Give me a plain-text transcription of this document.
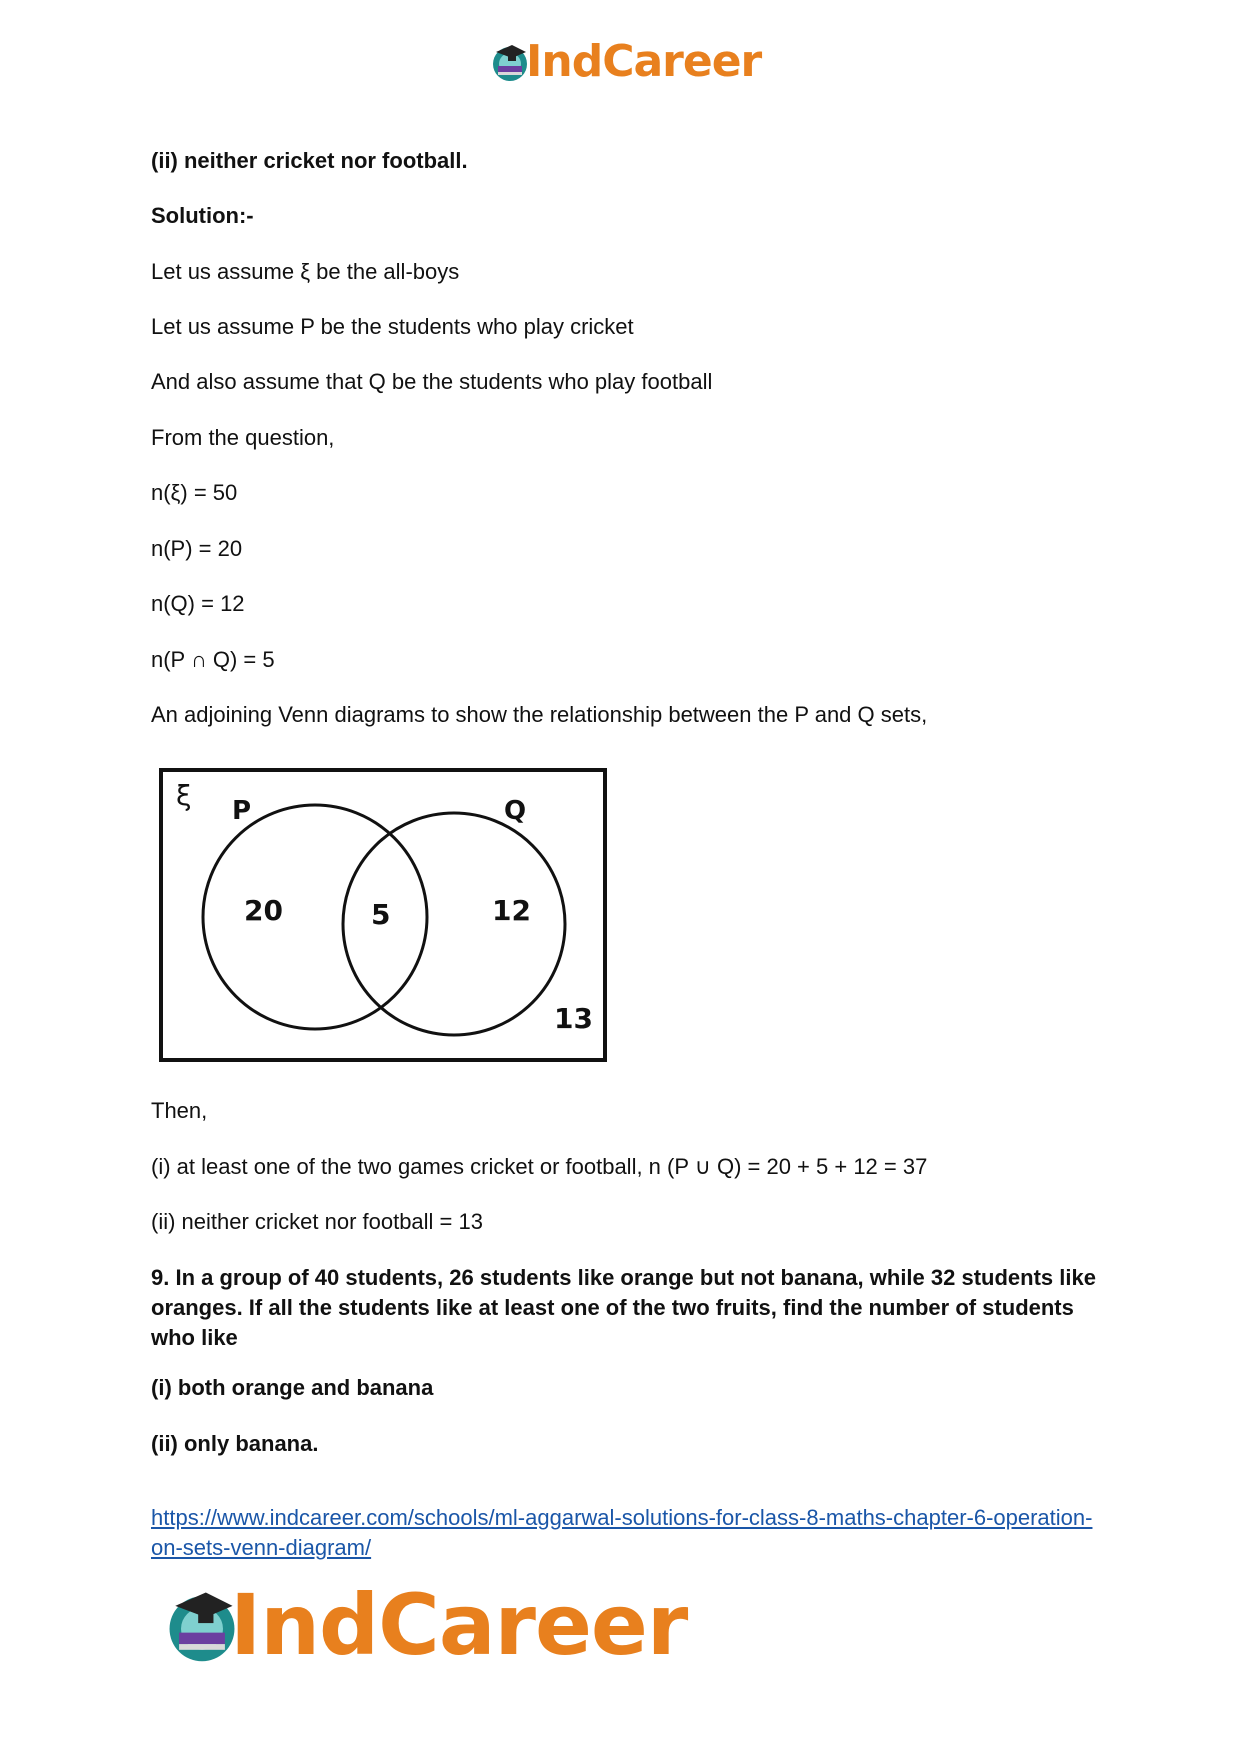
IndCareer
(ii) neither cricket nor football.
Solution:-
Let us assume ξ be the all-boys
Let us assume P be the students who play cricket
And also assume that Q be the students who play football
From the question,
n(ξ) = 50
n(P) = 20
n(Q) = 12
n(P ∩ Q) = 5
An adjoining Venn diagrams to show the relationship between the P and Q sets,
Then,
(i) at least one of the two games cricket or football, n (P ∪ Q) = 20 + 5 + 12 = 37
(ii) neither cricket nor football = 13
9. In a group of 40 students, 26 students like orange but not banana, while 32 students like oranges. If all the students like at least one of the two fruits, find the number of students who like
(i) both orange and banana
(ii) only banana.
https://www.indcareer.com/schools/ml-aggarwal-solutions-for-class-8-maths-chapter-6-operation-on-sets-venn-diagram/
ξ P	Q
20	5	12
13
IndCareer
